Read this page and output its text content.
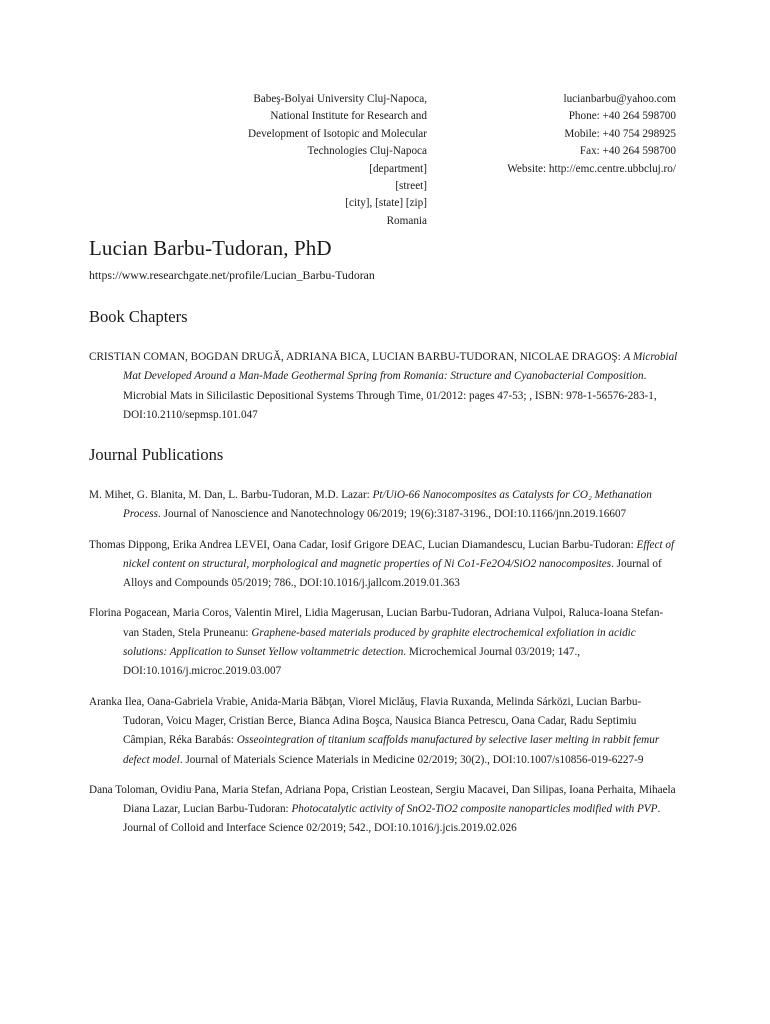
Babeş-Bolyai University Cluj-Napoca,
National Institute for Research and
Development of Isotopic and Molecular
Technologies Cluj-Napoca
[department]
[street]
[city], [state] [zip]
Romania
lucianbarbu@yahoo.com
Phone: +40 264 598700
Mobile: +40 754 298925
Fax: +40 264 598700
Website: http://emc.centre.ubbcluj.ro/
Lucian Barbu-Tudoran, PhD
https://www.researchgate.net/profile/Lucian_Barbu-Tudoran
Book Chapters

CRISTIAN COMAN, BOGDAN DRUGĂ, ADRIANA BICA, LUCIAN BARBU-TUDORAN, NICOLAE DRAGOŞ: A Microbial Mat Developed Around a Man-Made Geothermal Spring from Romania: Structure and Cyanobacterial Composition. Microbial Mats in Silicilastic Depositional Systems Through Time, 01/2012: pages 47-53; , ISBN: 978-1-56576-283-1, DOI:10.2110/sepmsp.101.047

Journal Publications

M. Mihet, G. Blanita, M. Dan, L. Barbu-Tudoran, M.D. Lazar: Pt/UiO-66 Nanocomposites as Catalysts for CO₂ Methanation Process. Journal of Nanoscience and Nanotechnology 06/2019; 19(6):3187-3196., DOI:10.1166/jnn.2019.16607

Thomas Dippong, Erika Andrea LEVEI, Oana Cadar, Iosif Grigore DEAC, Lucian Diamandescu, Lucian Barbu-Tudoran: Effect of nickel content on structural, morphological and magnetic properties of Ni Co1-Fe2O4/SiO2 nanocomposites. Journal of Alloys and Compounds 05/2019; 786., DOI:10.1016/j.jallcom.2019.01.363

Florina Pogacean, Maria Coros, Valentin Mirel, Lidia Magerusan, Lucian Barbu-Tudoran, Adriana Vulpoi, Raluca-Ioana Stefan-van Staden, Stela Pruneanu: Graphene-based materials produced by graphite electrochemical exfoliation in acidic solutions: Application to Sunset Yellow voltammetric detection. Microchemical Journal 03/2019; 147., DOI:10.1016/j.microc.2019.03.007

Aranka Ilea, Oana-Gabriela Vrabie, Anida-Maria Băbţan, Viorel Miclăuş, Flavia Ruxanda, Melinda Sárközi, Lucian Barbu-Tudoran, Voicu Mager, Cristian Berce, Bianca Adina Boşca, Nausica Bianca Petrescu, Oana Cadar, Radu Septimiu Câmpian, Réka Barabás: Osseointegration of titanium scaffolds manufactured by selective laser melting in rabbit femur defect model. Journal of Materials Science Materials in Medicine 02/2019; 30(2)., DOI:10.1007/s10856-019-6227-9

Dana Toloman, Ovidiu Pana, Maria Stefan, Adriana Popa, Cristian Leostean, Sergiu Macavei, Dan Silipas, Ioana Perhaita, Mihaela Diana Lazar, Lucian Barbu-Tudoran: Photocatalytic activity of SnO2-TiO2 composite nanoparticles modified with PVP. Journal of Colloid and Interface Science 02/2019; 542., DOI:10.1016/j.jcis.2019.02.026
